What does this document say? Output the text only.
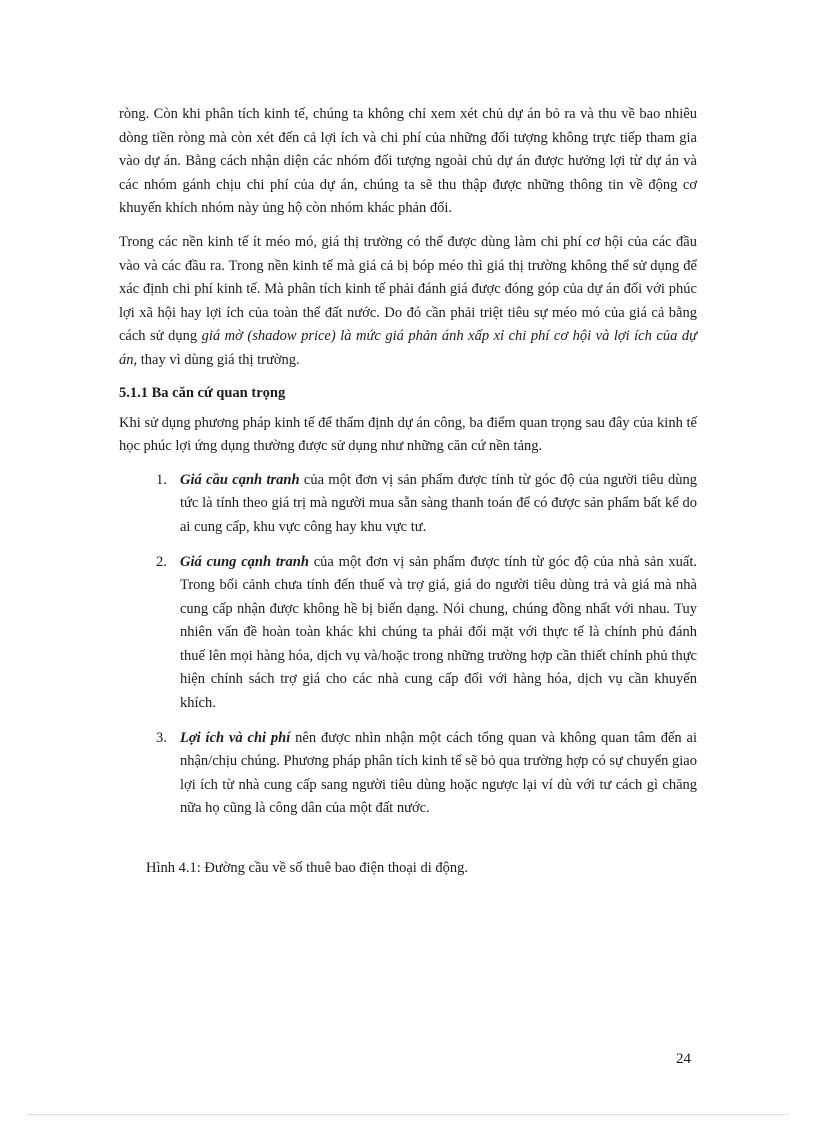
ròng. Còn khi phân tích kinh tế, chúng ta không chỉ xem xét chủ dự án bỏ ra và thu về bao nhiêu dòng tiền ròng mà còn xét đến cả lợi ích và chi phí của những đối tượng không trực tiếp tham gia vào dự án. Bằng cách nhận diện các nhóm đối tượng ngoài chủ dự án được hưởng lợi từ dự án và các nhóm gánh chịu chi phí của dự án, chúng ta sẽ thu thập được những thông tin về động cơ khuyến khích nhóm này ủng hộ còn nhóm khác phản đối.

Trong các nền kinh tế ít méo mó, giá thị trường có thể được dùng làm chi phí cơ hội của các đầu vào và các đầu ra. Trong nền kinh tế mà giá cả bị bóp méo thì giá thị trường không thể sử dụng để xác định chi phí kinh tế. Mà phân tích kinh tế phải đánh giá được đóng góp của dự án đối với phúc lợi xã hội hay lợi ích của toàn thể đất nước. Do đó cần phải triệt tiêu sự méo mó của giá cả bằng cách sử dụng giá mờ (shadow price) là mức giá phản ánh xấp xỉ chi phí cơ hội và lợi ích của dự án, thay vì dùng giá thị trường.

5.1.1 Ba căn cứ quan trọng

Khi sử dụng phương pháp kinh tế để thẩm định dự án công, ba điểm quan trọng sau đây của kinh tế học phúc lợi ứng dụng thường được sử dụng như những căn cứ nền tảng.

1. Giá cầu cạnh tranh của một đơn vị sản phẩm được tính từ góc độ của người tiêu dùng tức là tính theo giá trị mà người mua sẵn sàng thanh toán để có được sản phẩm bất kể do ai cung cấp, khu vực công hay khu vực tư.

2. Giá cung cạnh tranh của một đơn vị sản phẩm được tính từ góc độ của nhà sản xuất. Trong bối cảnh chưa tính đến thuế và trợ giá, giá do người tiêu dùng trả và giá mà nhà cung cấp nhận được không hề bị biến dạng. Nói chung, chúng đồng nhất với nhau. Tuy nhiên vấn đề hoàn toàn khác khi chúng ta phải đối mặt với thực tế là chính phủ đánh thuế lên mọi hàng hóa, dịch vụ và/hoặc trong những trường hợp cần thiết chính phủ thực hiện chính sách trợ giá cho các nhà cung cấp đối với hàng hóa, dịch vụ cần khuyến khích.

3. Lợi ích và chi phí nên được nhìn nhận một cách tổng quan và không quan tâm đến ai nhận/chịu chúng. Phương pháp phân tích kinh tế sẽ bỏ qua trường hợp có sự chuyển giao lợi ích từ nhà cung cấp sang người tiêu dùng hoặc ngược lại ví dù với tư cách gì chăng nữa họ cũng là công dân của một đất nước.

Hình 4.1: Đường cầu về số thuê bao điện thoại di động.
24
